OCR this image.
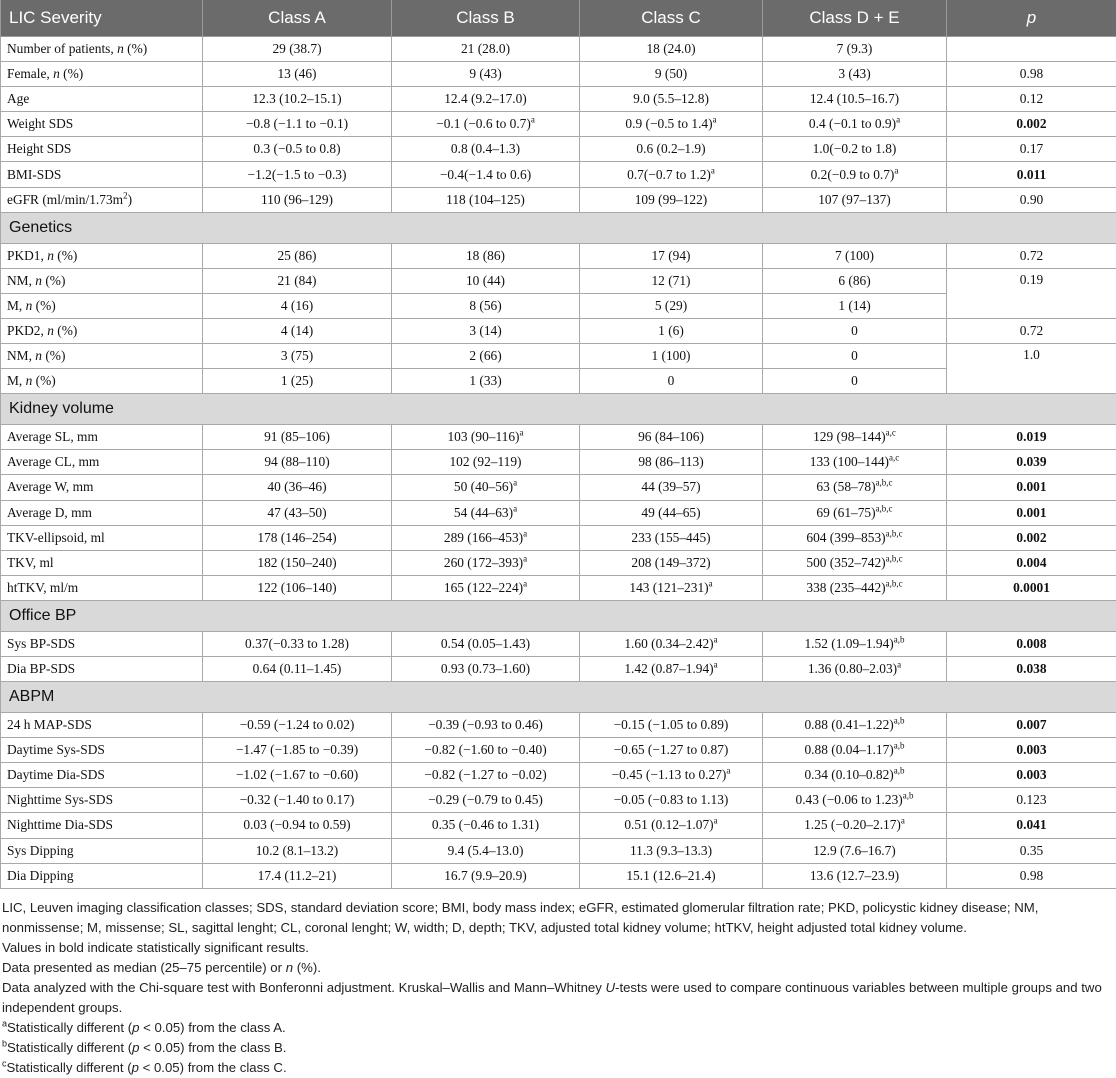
LIC Severity	Class A	Class B	Class C	Class D + E	p
Number of patients, n (%)	29 (38.7)	21 (28.0)	18 (24.0)	7 (9.3)	
Female, n (%)	13 (46)	9 (43)	9 (50)	3 (43)	0.98
Age	12.3 (10.2–15.1)	12.4 (9.2–17.0)	9.0 (5.5–12.8)	12.4 (10.5–16.7)	0.12
Weight SDS	−0.8 (−1.1 to −0.1)	−0.1 (−0.6 to 0.7)$^a$	0.9 (−0.5 to 1.4)$^a$	0.4 (−0.1 to 0.9)$^a$	0.002
Height SDS	0.3 (−0.5 to 0.8)	0.8 (0.4–1.3)	0.6 (0.2–1.9)	1.0(−0.2 to 1.8)	0.17
BMI-SDS	−1.2(−1.5 to −0.3)	−0.4(−1.4 to 0.6)	0.7(−0.7 to 1.2)$^a$	0.2(−0.9 to 0.7)$^a$	0.011
eGFR $(ml/\min/1.73m^2)$	110 (96–129)	118 (104–125)	109 (99–122)	107 (97–137)	0.90
Genetics					
PKD1, n (%)	25 (86)	18 (86)	17 (94)	7 (100)	0.72
NM, n (%)	21 (84)	10 (44)	12 (71)	6 (86)	0.19
M, n (%)	4 (16)	8 (56)	5 (29)	1 (14)	
PKD2, n (%)	4 (14)	3 (14)	1 (6)	0	0.72
NM, n (%)	3 (75)	2 (66)	1 (100)	0	1.0
M, n (%)	1 (25)	1 (33)	0	0	
Kidney volume					
Average SL, mm	91 (85–106)	103 $(90-116)^a$	96 (84–106)	129 $(98-144)^{a,c}$	0.019
Average CL, mm	94 (88–110)	102 (92–119)	98 (86–113)	133 $(100-144)^{a,c}$	0.039
Average W, mm	40 (36–46)	50 $(40-56)^a$	44 (39–57)	63 $(58-78)^{a,b,c}$	0.001
Average D, mm	47 (43–50)	54 $(44-63)^a$	49 (44–65)	69 $(61-75)^{a,b,c}$	0.001
TKV-ellipsoid, ml	178 (146–254)	289 $(166-453)^a$	233 (155–445)	604 $(399-853)^{a,b,c}$	0.002
TKV, ml	182 (150–240)	260 $(172-393)^a$	208 (149–372)	500 $(352-742)^{a,b,c}$	0.004
htTKV, ml/m	122 (106–140)	165 $(122-224)^a$	143 $(121-231)^a$	338 $(235-442)^{a,b,c}$	0.0001
Office BP					
Sys BP-SDS	0.37(−0.33 to 1.28)	0.54 (0.05–1.43)	1.60 $(0.34-2.42)^a$	1.52 $(1.09-1.94)^{a,b}$	0.008
Dia BP-SDS	0.64 (0.11–1.45)	0.93 (0.73–1.60)	1.42 $(0.87-1.94)^a$	1.36 $(0.80-2.03)^a$	0.038
ABPM					
24 h MAP-SDS	−0.59 (−1.24 to 0.02)	−0.39 (−0.93 to 0.46)	−0.15 (−1.05 to 0.89)	0.88 $(0.41-1.22)^{a,b}$	0.007
Daytime Sys-SDS	−1.47 (−1.85 to −0.39)	−0.82 (−1.60 to −0.40)	−0.65 (−1.27 to 0.87)	0.88 $(0.04-1.17)^{a,b}$	0.003
Daytime Dia-SDS	−1.02 (−1.67 to −0.60)	−0.82 (−1.27 to −0.02)	−0.45 (−1.13 to 0.27)$^a$	0.34 $(0.10-0.82)^{a,b}$	0.003
Nighttime Sys-SDS	−0.32 (−1.40 to 0.17)	−0.29 (−0.79 to 0.45)	−0.05 (−0.83 to 1.13)	0.43 (−0.06 to 1.23)$^{a,b}$	0.123
Nighttime Dia-SDS	0.03 (−0.94 to 0.59)	0.35 (−0.46 to 1.31)	0.51 $(0.12-1.07)^a$	1.25 $(-0.20-2.17)^a$	0.041
Sys Dipping	10.2 (8.1–13.2)	9.4 (5.4–13.0)	11.3 (9.3–13.3)	12.9 (7.6–16.7)	0.35
Dia Dipping	17.4 (11.2–21)	16.7 (9.9–20.9)	15.1 (12.6–21.4)	13.6 (12.7–23.9)	0.98

LIC, Leuven imaging classification classes; SDS, standard deviation score; BMI, body mass index; eGFR, estimated glomerular filtration rate; PKD, policystic kidney disease; NM, nonmissense; M, missense; SL, sagittal lenght; CL, coronal lenght; W, width; D, depth; TKV, adjusted total kidney volume; htTKV, height adjusted total kidney volume.

Values in bold indicate statistically significant results.

Data presented as median (25–75 percentile) or n (%).

Data analyzed with the Chi-square test with Bonferonni adjustment. Kruskal–Wallis and Mann–Whitney U-tests were used to compare continuous variables between multiple groups and two independent groups.

$^a$Statistically different (p < 0.05) from the class A.

$^b$Statistically different (p < 0.05) from the class B.

$^c$Statistically different (p < 0.05) from the class C.
